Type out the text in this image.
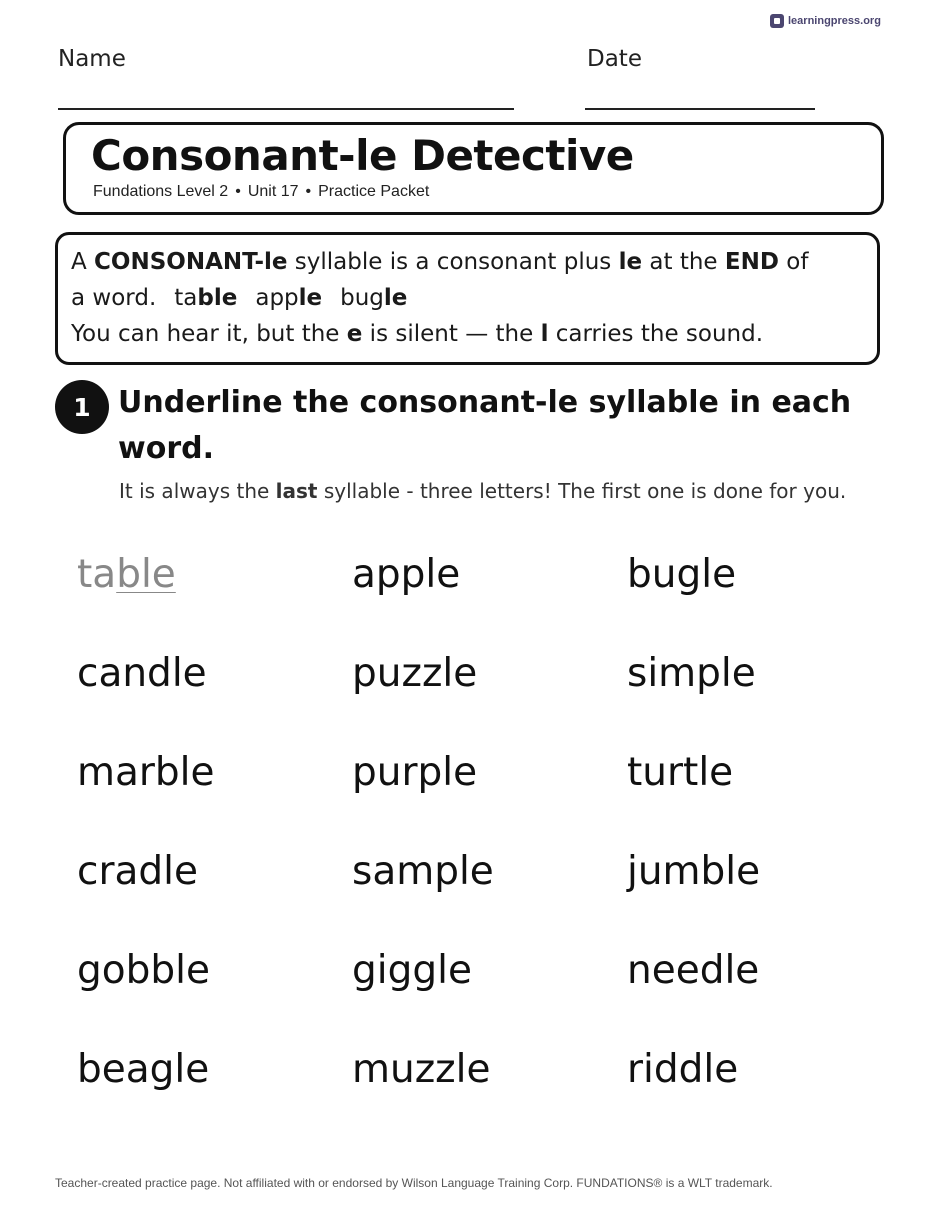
learningpress.org
Name	Date
Consonant-le Detective
Fundations Level 2 • Unit 17 • Practice Packet

A CONSONANT-le syllable is a consonant plus le at the END of

a word. table apple bugle

You can hear it, but the e is silent — the l carries the sound.

1 Underline the consonant-le syllable in each word.

It is always the last syllable - three letters! The first one is done for you.

table	apple	bugle
candle	puzzle	simple
marble	purple	turtle
cradle	sample	jumble
gobble	giggle	needle
beagle	muzzle	riddle

Teacher-created practice page. Not affiliated with or endorsed by Wilson Language Training Corp. FUNDATIONS® is a WLT trademark.
